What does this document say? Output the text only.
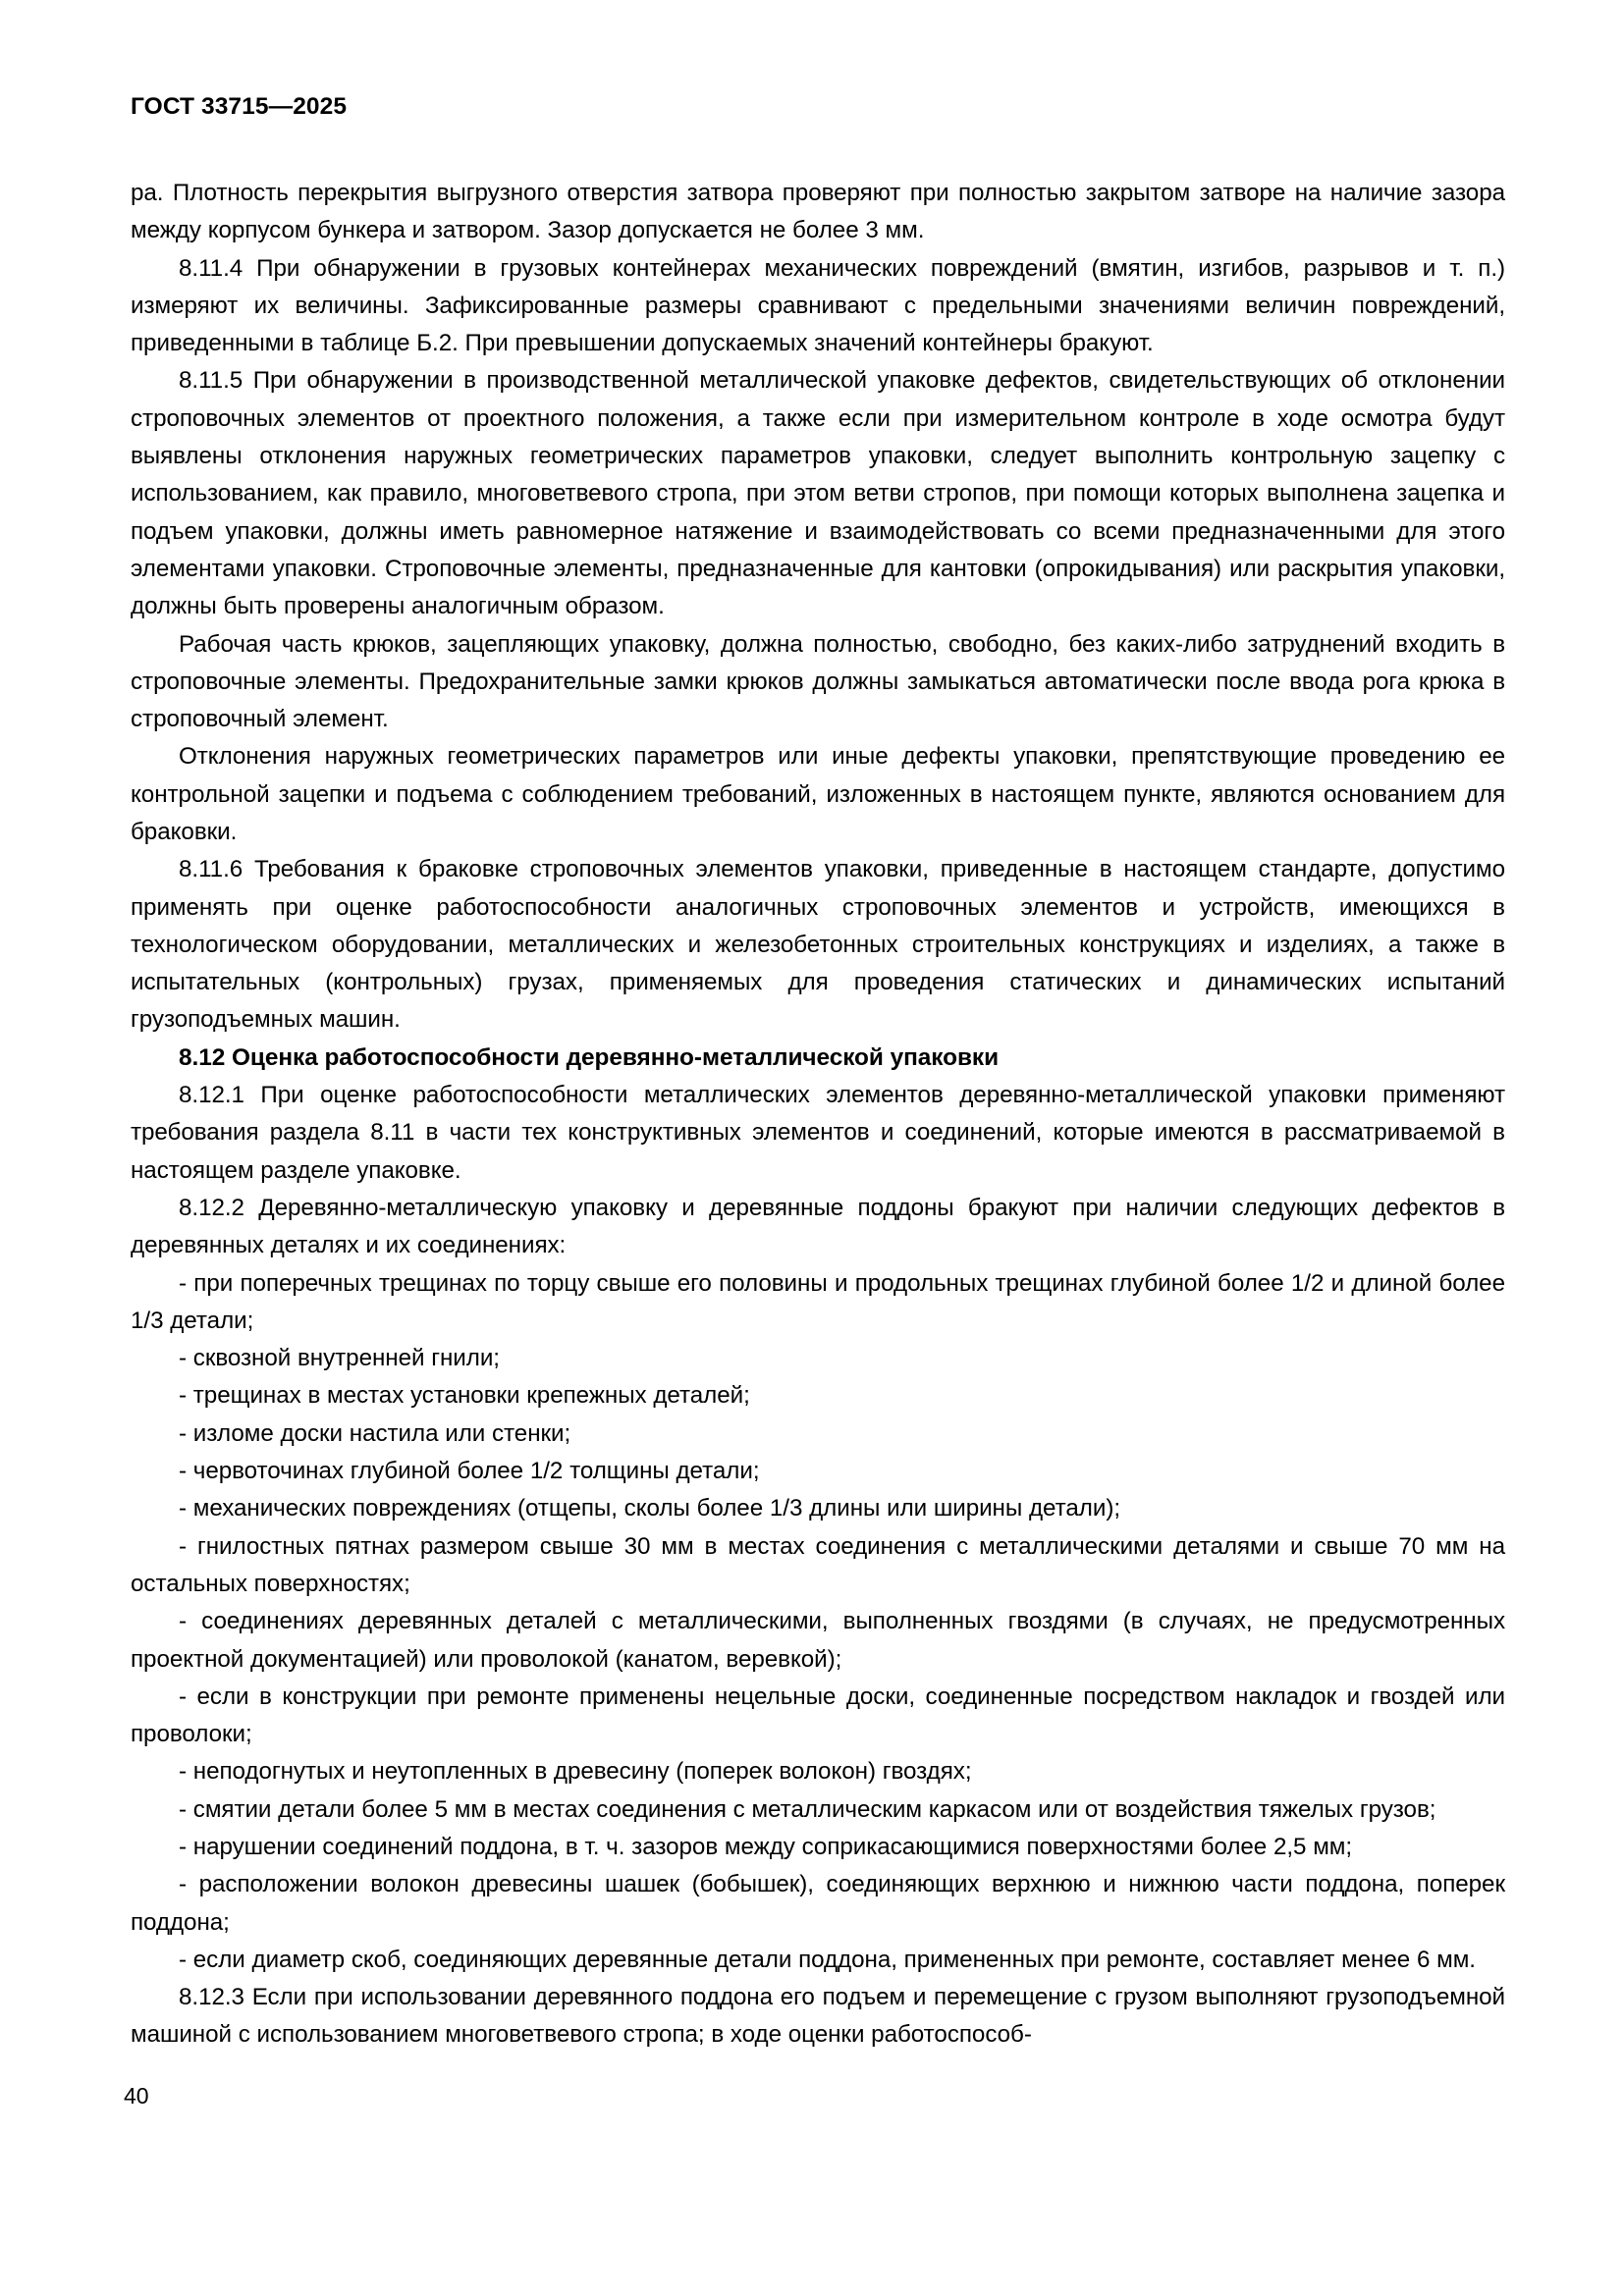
ГОСТ 33715—2025

ра. Плотность перекрытия выгрузного отверстия затвора проверяют при полностью закрытом затворе на наличие зазора между корпусом бункера и затвором. Зазор допускается не более 3 мм.

8.11.4 При обнаружении в грузовых контейнерах механических повреждений (вмятин, изгибов, разрывов и т. п.) измеряют их величины. Зафиксированные размеры сравнивают с предельными значениями величин повреждений, приведенными в таблице Б.2. При превышении допускаемых значений контейнеры бракуют.

8.11.5 При обнаружении в производственной металлической упаковке дефектов, свидетельствующих об отклонении строповочных элементов от проектного положения, а также если при измерительном контроле в ходе осмотра будут выявлены отклонения наружных геометрических параметров упаковки, следует выполнить контрольную зацепку с использованием, как правило, многоветвевого стропа, при этом ветви стропов, при помощи которых выполнена зацепка и подъем упаковки, должны иметь равномерное натяжение и взаимодействовать со всеми предназначенными для этого элементами упаковки. Строповочные элементы, предназначенные для кантовки (опрокидывания) или раскрытия упаковки, должны быть проверены аналогичным образом.

Рабочая часть крюков, зацепляющих упаковку, должна полностью, свободно, без каких-либо затруднений входить в строповочные элементы. Предохранительные замки крюков должны замыкаться автоматически после ввода рога крюка в строповочный элемент.

Отклонения наружных геометрических параметров или иные дефекты упаковки, препятствующие проведению ее контрольной зацепки и подъема с соблюдением требований, изложенных в настоящем пункте, являются основанием для браковки.

8.11.6 Требования к браковке строповочных элементов упаковки, приведенные в настоящем стандарте, допустимо применять при оценке работоспособности аналогичных строповочных элементов и устройств, имеющихся в технологическом оборудовании, металлических и железобетонных строительных конструкциях и изделиях, а также в испытательных (контрольных) грузах, применяемых для проведения статических и динамических испытаний грузоподъемных машин.

8.12 Оценка работоспособности деревянно-металлической упаковки

8.12.1 При оценке работоспособности металлических элементов деревянно-металлической упаковки применяют требования раздела 8.11 в части тех конструктивных элементов и соединений, которые имеются в рассматриваемой в настоящем разделе упаковке.

8.12.2 Деревянно-металлическую упаковку и деревянные поддоны бракуют при наличии следующих дефектов в деревянных деталях и их соединениях:

- при поперечных трещинах по торцу свыше его половины и продольных трещинах глубиной более 1/2 и длиной более 1/3 детали;

- сквозной внутренней гнили;

- трещинах в местах установки крепежных деталей;

- изломе доски настила или стенки;

- червоточинах глубиной более 1/2 толщины детали;

- механических повреждениях (отщепы, сколы более 1/3 длины или ширины детали);

- гнилостных пятнах размером свыше 30 мм в местах соединения с металлическими деталями и свыше 70 мм на остальных поверхностях;

- соединениях деревянных деталей с металлическими, выполненных гвоздями (в случаях, не предусмотренных проектной документацией) или проволокой (канатом, веревкой);

- если в конструкции при ремонте применены нецельные доски, соединенные посредством накладок и гвоздей или проволоки;

- неподогнутых и неутопленных в древесину (поперек волокон) гвоздях;

- смятии детали более 5 мм в местах соединения с металлическим каркасом или от воздействия тяжелых грузов;

- нарушении соединений поддона, в т. ч. зазоров между соприкасающимися поверхностями более 2,5 мм;

- расположении волокон древесины шашек (бобышек), соединяющих верхнюю и нижнюю части поддона, поперек поддона;

- если диаметр скоб, соединяющих деревянные детали поддона, примененных при ремонте, составляет менее 6 мм.

8.12.3 Если при использовании деревянного поддона его подъем и перемещение с грузом выполняют грузоподъемной машиной с использованием многоветвевого стропа; в ходе оценки работоспособ-

40
